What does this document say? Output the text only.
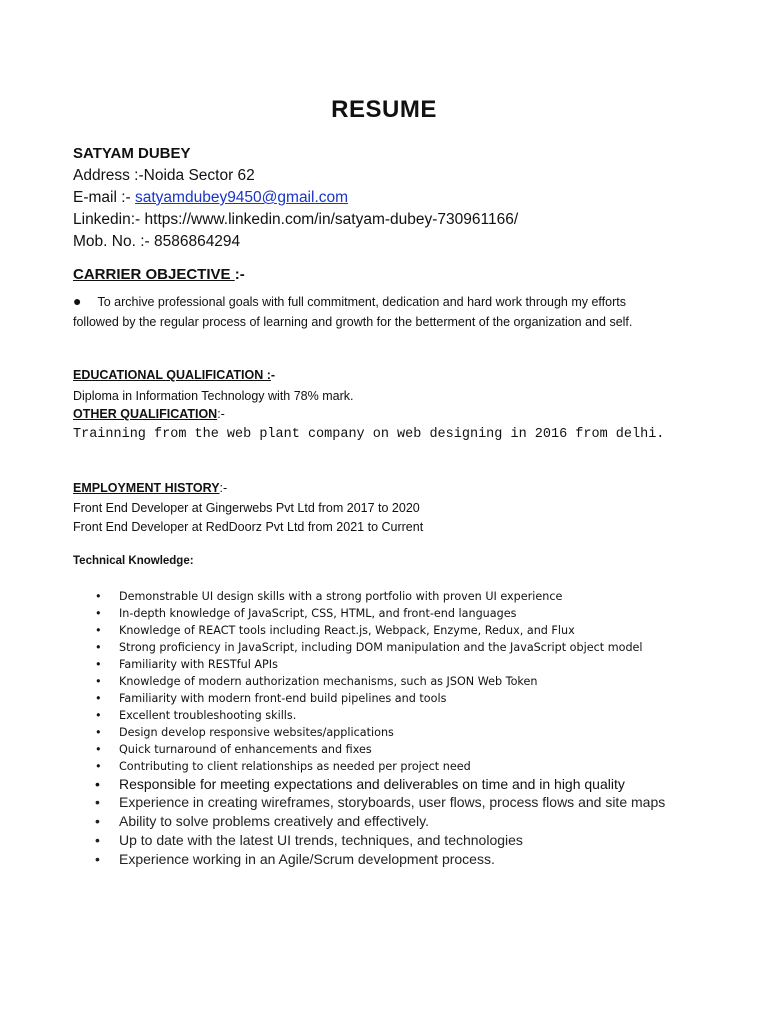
RESUME
SATYAM DUBEY
Address :-Noida Sector 62
E-mail :- satyamdubey9450@gmail.com
Linkedin:- https://www.linkedin.com/in/satyam-dubey-730961166/
Mob. No. :- 8586864294
CARRIER OBJECTIVE :-
● To archive professional goals with full commitment, dedication and hard work through my efforts followed by the regular process of learning and growth for the betterment of the organization and self.
EDUCATIONAL QUALIFICATION :-
Diploma in Information Technology with 78% mark.
OTHER QUALIFICATION:-
Trainning from the web plant company on web designing in 2016 from delhi.
EMPLOYMENT HISTORY:-
Front End Developer at Gingerwebs Pvt Ltd from 2017 to 2020
Front End Developer at RedDoorz Pvt Ltd from 2021 to Current
Technical Knowledge:
• Demonstrable UI design skills with a strong portfolio with proven UI experience
• In-depth knowledge of JavaScript, CSS, HTML, and front-end languages
• Knowledge of REACT tools including React.js, Webpack, Enzyme, Redux, and Flux
• Strong proficiency in JavaScript, including DOM manipulation and the JavaScript object model
• Familiarity with RESTful APIs
• Knowledge of modern authorization mechanisms, such as JSON Web Token
• Familiarity with modern front-end build pipelines and tools
• Excellent troubleshooting skills.
• Design develop responsive websites/applications
• Quick turnaround of enhancements and fixes
• Contributing to client relationships as needed per project need
• Responsible for meeting expectations and deliverables on time and in high quality
• Experience in creating wireframes, storyboards, user flows, process flows and site maps
• Ability to solve problems creatively and effectively.
• Up to date with the latest UI trends, techniques, and technologies
• Experience working in an Agile/Scrum development process.
